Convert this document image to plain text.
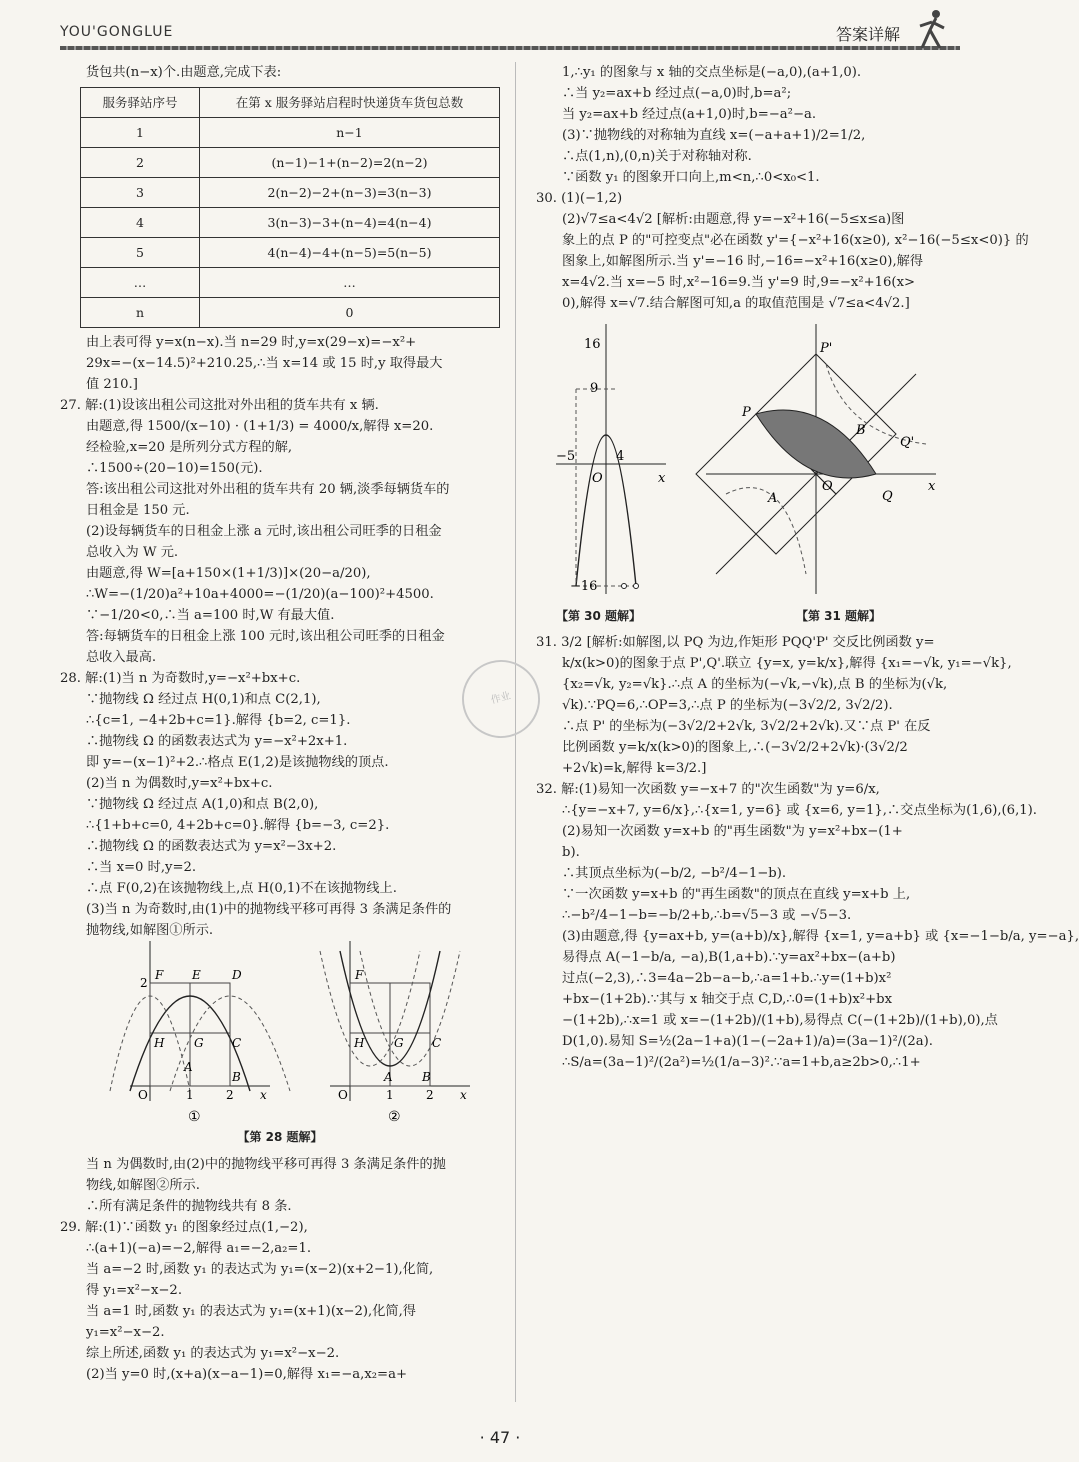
YOU'GONGLUE	答案详解
货包共(n−x)个.由题意,完成下表:
服务驿站序号	在第 x 服务驿站启程时快递货车货包总数
1	n−1
2	(n−1)−1+(n−2)=2(n−2)
3	2(n−2)−2+(n−3)=3(n−3)
4	3(n−3)−3+(n−4)=4(n−4)
5	4(n−4)−4+(n−5)=5(n−5)
…	…
n	0
由上表可得 y=x(n−x).当 n=29 时,y=x(29−x)=−x²+
29x=−(x−14.5)²+210.25,∴当 x=14 或 15 时,y 取得最大
值 210.]
27. 解:(1)设该出租公司这批对外出租的货车共有 x 辆.
由题意,得 1500/(x−10) · (1+1/3) = 4000/x,解得 x=20.
经检验,x=20 是所列分式方程的解,
∴1500÷(20−10)=150(元).
答:该出租公司这批对外出租的货车共有 20 辆,淡季每辆货车的
日租金是 150 元.
(2)设每辆货车的日租金上涨 a 元时,该出租公司旺季的日租金
总收入为 W 元.
由题意,得 W=[a+150×(1+1/3)]×(20−a/20),
∴W=−(1/20)a²+10a+4000=−(1/20)(a−100)²+4500.
∵−1/20<0,∴当 a=100 时,W 有最大值.
答:每辆货车的日租金上涨 100 元时,该出租公司旺季的日租金
总收入最高.
28. 解:(1)当 n 为奇数时,y=−x²+bx+c.
∵抛物线 Ω 经过点 H(0,1)和点 C(2,1),
∴{c=1, −4+2b+c=1}.解得 {b=2, c=1}.
∴抛物线 Ω 的函数表达式为 y=−x²+2x+1.
即 y=−(x−1)²+2.∴格点 E(1,2)是该抛物线的顶点.
(2)当 n 为偶数时,y=x²+bx+c.
∵抛物线 Ω 经过点 A(1,0)和点 B(2,0),
∴{1+b+c=0, 4+2b+c=0}.解得 {b=−3, c=2}.
∴抛物线 Ω 的函数表达式为 y=x²−3x+2.
∴当 x=0 时,y=2.
∴点 F(0,2)在该抛物线上,点 H(0,1)不在该抛物线上.
(3)当 n 为奇数时,由(1)中的抛物线平移可再得 3 条满足条件的
抛物线,如解图①所示.
O	1	2 x
2
F E	D
H G C
A
B
①
O	1	2 x
F
H G C
A B
②
【第 28 题解】
当 n 为偶数时,由(2)中的抛物线平移可再得 3 条满足条件的抛
物线,如解图②所示.
∴所有满足条件的抛物线共有 8 条.
29. 解:(1)∵函数 y₁ 的图象经过点(1,−2),
∴(a+1)(−a)=−2,解得 a₁=−2,a₂=1.
当 a=−2 时,函数 y₁ 的表达式为 y₁=(x−2)(x+2−1),化简,
得 y₁=x²−x−2.
当 a=1 时,函数 y₁ 的表达式为 y₁=(x+1)(x−2),化简,得
y₁=x²−x−2.
综上所述,函数 y₁ 的表达式为 y₁=x²−x−2.
(2)当 y=0 时,(x+a)(x−a−1)=0,解得 x₁=−a,x₂=a+
1,∴y₁ 的图象与 x 轴的交点坐标是(−a,0),(a+1,0).
∴当 y₂=ax+b 经过点(−a,0)时,b=a²;
当 y₂=ax+b 经过点(a+1,0)时,b=−a²−a.
(3)∵抛物线的对称轴为直线 x=(−a+a+1)/2=1/2,
∴点(1,n),(0,n)关于对称轴对称.
∵函数 y₁ 的图象开口向上,m<n,∴0<x₀<1.
30. (1)(−1,2)
(2)√7≤a<4√2 [解析:由题意,得 y=−x²+16(−5≤x≤a)图
象上的点 P 的"可控变点"必在函数 y'={−x²+16(x≥0), x²−16(−5≤x<0)} 的
图象上,如解图所示.当 y'=−16 时,−16=−x²+16(x≥0),解得
x=4√2.当 x=−5 时,x²−16=9.当 y'=9 时,9=−x²+16(x>
0),解得 x=√7.结合解图可知,a 的取值范围是 √7≤a<4√2.]
16
9
−5
O
4
x
−16
P
P'
Q
Q'
A
B
O	x
【第 30 题解】	【第 31 题解】
31. 3/2 [解析:如解图,以 PQ 为边,作矩形 PQQ'P' 交反比例函数 y=
k/x(k>0)的图象于点 P',Q'.联立 {y=x, y=k/x},解得 {x₁=−√k, y₁=−√k},
{x₂=√k, y₂=√k}.∴点 A 的坐标为(−√k,−√k),点 B 的坐标为(√k,
√k).∵PQ=6,∴OP=3,∴点 P 的坐标为(−3√2/2, 3√2/2).
∴点 P' 的坐标为(−3√2/2+2√k, 3√2/2+2√k).又∵点 P' 在反
比例函数 y=k/x(k>0)的图象上,∴(−3√2/2+2√k)·(3√2/2
+2√k)=k,解得 k=3/2.]
32. 解:(1)易知一次函数 y=−x+7 的"次生函数"为 y=6/x,
∴{y=−x+7, y=6/x},∴{x=1, y=6} 或 {x=6, y=1},∴交点坐标为(1,6),(6,1).
(2)易知一次函数 y=x+b 的"再生函数"为 y=x²+bx−(1+
b).
∴其顶点坐标为(−b/2, −b²/4−1−b).
∵一次函数 y=x+b 的"再生函数"的顶点在直线 y=x+b 上,
∴−b²/4−1−b=−b/2+b,∴b=√5−3 或 −√5−3.
(3)由题意,得 {y=ax+b, y=(a+b)/x},解得 {x=1, y=a+b} 或 {x=−1−b/a, y=−a},
易得点 A(−1−b/a, −a),B(1,a+b).∵y=ax²+bx−(a+b)
过点(−2,3),∴3=4a−2b−a−b,∴a=1+b.∴y=(1+b)x²
+bx−(1+2b).∵其与 x 轴交于点 C,D,∴0=(1+b)x²+bx
−(1+2b),∴x=1 或 x=−(1+2b)/(1+b),易得点 C(−(1+2b)/(1+b),0),点
D(1,0).易知 S=½(2a−1+a)(1−(−2a+1)/a)=(3a−1)²/(2a).
∴S/a=(3a−1)²/(2a²)=½(1/a−3)².∵a=1+b,a≥2b>0,∴1+
作业
· 47 ·
